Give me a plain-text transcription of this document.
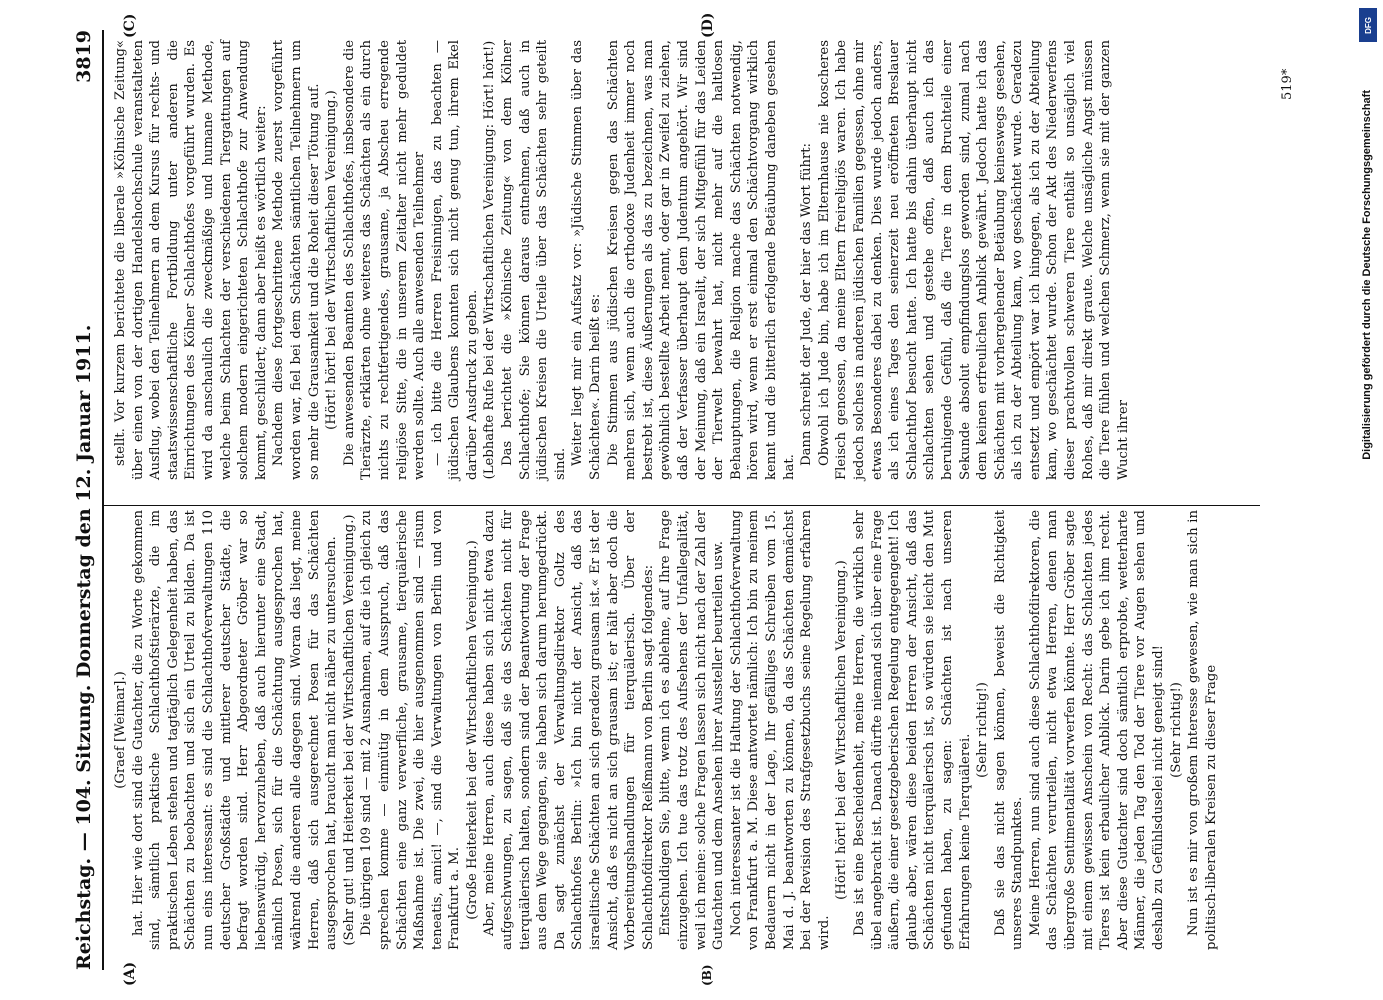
Reichstag. — 104. Sitzung. Donnerstag den 12. Januar 1911.
3819
(A)	(B)
(C)	(D)

(Graef [Weimar].) hat. Hier wie dort sind die Gutachter, die zu Worte gekommen sind, sämtlich praktische Schlachthofstierärzte, die im praktischen Leben stehen und tagtäglich Gelegenheit haben, das Schächten zu beobachten und sich ein Urteil zu bilden. Da ist nun eins interessant: es sind die Schlachthofverwaltungen 110 deutscher Großstädte und mittlerer deutscher Städte, die befragt worden sind. Herr Abgeordneter Gröber war so liebenswürdig, hervorzuheben, daß auch hierunter eine Stadt, nämlich Posen, sich für die Schächtung ausgesprochen hat, während die anderen alle dagegen sind. Woran das liegt, meine Herren, daß sich ausgerechnet Posen für das Schächten ausgesprochen hat, braucht man nicht näher zu untersuchen. (Sehr gut! und Heiterkeit bei der Wirtschaftlichen Vereinigung.) Die übrigen 109 sind — mit 2 Ausnahmen, auf die ich gleich zu sprechen komme — einmütig in dem Ausspruch, daß das Schächten eine ganz verwerfliche, grausame, tierquälerische Maßnahme ist. Die zwei, die hier ausgenommen sind — risum teneatis, amici! —, sind die Verwaltungen von Berlin und von Frankfurt a. M. (Große Heiterkeit bei der Wirtschaftlichen Vereinigung.) Aber, meine Herren, auch diese haben sich nicht etwa dazu aufgeschwungen, zu sagen, daß sie das Schächten nicht für tierquälerisch halten, sondern sind der Beantwortung der Frage aus dem Wege gegangen, sie haben sich darum herumgedrückt. Da sagt zunächst der Verwaltungsdirektor Goltz des Schlachthofes Berlin: »Ich bin nicht der Ansicht, daß das israelitische Schächten an sich geradezu grausam ist.« Er ist der Ansicht, daß es nicht an sich grausam ist; er hält aber doch die Vorbereitungshandlungen für tierquälerisch. Über der Schlachthofdirektor Reißmann von Berlin sagt folgendes: Entschuldigen Sie, bitte, wenn ich es ablehne, auf Ihre Frage einzugehen. Ich tue das trotz des Aufsehens der Unfallegalität, weil ich meine: solche Fragen lassen sich nicht nach der Zahl der Gutachten und dem Ansehen ihrer Aussteller beurteilen usw. Noch interessanter ist die Haltung der Schlachthofverwaltung von Frankfurt a. M. Diese antwortet nämlich: Ich bin zu meinem Bedauern nicht in der Lage, Ihr gefälliges Schreiben vom 15. Mai d. J. beantworten zu können, da das Schächten demnächst bei der Revision des Strafgesetzbuchs seine Regelung erfahren wird.

(Hört! hört! bei der Wirtschaftlichen Vereinigung.) Das ist eine Bescheidenheit, meine Herren, die wirklich sehr übel angebracht ist. Danach dürfte niemand sich über eine Frage äußern, die einer gesetzgeberischen Regelung entgegengeht! Ich glaube aber, wären diese beiden Herren der Ansicht, daß das Schächten nicht tierquälerisch ist, so würden sie leicht den Mut gefunden haben, zu sagen: Schächten ist nach unseren Erfahrungen keine Tierquälerei.

(Sehr richtig!) Daß sie das nicht sagen können, beweist die Richtigkeit unseres Standpunktes. Meine Herren, nun sind auch diese Schlachthofdirektoren, die das Schächten verurteilen, nicht etwa Herren, denen man übergroße Sentimentalität vorwerfen könnte. Herr Gröber sagte mit einem gewissen Anschein von Recht: das Schlachten jedes Tieres ist kein erbaulicher Anblick. Darin gebe ich ihm recht. Aber diese Gutachter sind doch sämtlich erprobte, wetterharte Männer, die jeden Tag den Tod der Tiere vor Augen sehen und deshalb zu Gefühlsduselei nicht geneigt sind! (Sehr richtig!) Nun ist es mir von großem Interesse gewesen, wie man sich in politisch-liberalen Kreisen zu dieser Frage

stellt. Vor kurzem berichtete die liberale »Kölnische Zeitung« über einen von der dortigen Handelshochschule veranstalteten Ausflug, wobei den Teilnehmern an dem Kursus für rechts- und staatswissenschaftliche Fortbildung unter anderen die Einrichtungen des Kölner Schlachthofes vorgeführt wurden. Es wird da anschaulich die zweckmäßige und humane Methode, welche beim Schlachten der verschiedenen Tiergattungen auf solchem modern eingerichteten Schlachthofe zur Anwendung kommt, geschildert; dann aber heißt es wörtlich weiter: Nachdem diese fortgeschrittene Methode zuerst vorgeführt worden war, fiel bei dem Schächten sämtlichen Teilnehmern um so mehr die Grausamkeit und die Roheit dieser Tötung auf. (Hört! hört! bei der Wirtschaftlichen Vereinigung.) Die anwesenden Beamten des Schlachthofes, insbesondere die Tierärzte, erklärten ohne weiteres das Schächten als ein durch nichts zu rechtfertigendes, grausame, ja Abscheu erregende religiöse Sitte, die in unserem Zeitalter nicht mehr geduldet werden sollte. Auch alle anwesenden Teilnehmer — ich bitte die Herren Freisinnigen, das zu beachten — jüdischen Glaubens konnten sich nicht genug tun, ihrem Ekel darüber Ausdruck zu geben. (Lebhafte Rufe bei der Wirtschaftlichen Vereinigung: Hört! hört!) Das berichtet die »Kölnische Zeitung« von dem Kölner Schlachthofe; Sie können daraus entnehmen, daß auch in jüdischen Kreisen die Urteile über das Schächten sehr geteilt sind. Weiter liegt mir ein Aufsatz vor: »Jüdische Stimmen über das Schächten«. Darin heißt es: Die Stimmen aus jüdischen Kreisen gegen das Schächten mehren sich, wenn auch die orthodoxe Judenheit immer noch bestrebt ist, diese Äußerungen als das zu bezeichnen, was man gewöhnlich bestellte Arbeit nennt, oder gar in Zweifel zu ziehen, daß der Verfasser überhaupt dem Judentum angehört. Wir sind der Meinung, daß ein Israelit, der sich Mitgefühl für das Leiden der Tierwelt bewahrt hat, nicht mehr auf die haltlosen Behauptungen, die Religion mache das Schächten notwendig, hören wird, wenn er erst einmal den Schächtvorgang wirklich kennt und die bitterlich erfolgende Betäubung daneben gesehen hat.

Dann schreibt der Jude, der hier das Wort führt: Obwohl ich Jude bin, habe ich im Elternhause nie koscheres Fleisch genossen, da meine Eltern freireligiös waren. Ich habe jedoch solches in anderen jüdischen Familien gegessen, ohne mir etwas Besonderes dabei zu denken. Dies wurde jedoch anders, als ich eines Tages den seinerzeit neu eröffneten Breslauer Schlachthof besucht hatte. Ich hatte bis dahin überhaupt nicht schlachten sehen und gestehe offen, daß auch ich das beruhigende Gefühl, daß die Tiere in dem Bruchteile einer Sekunde absolut empfindungslos geworden sind, zumal nach dem keinen erfreulichen Anblick gewährt. Jedoch hatte ich das Schächten mit vorhergehender Betäubung keineswegs gesehen, als ich zu der Abteilung kam, wo geschächtet wurde. Geradezu entsetzt und empört war ich hingegen, als ich zu der Abteilung kam, wo geschächtet wurde. Schon der Akt des Niederwerfens dieser prachtvollen schweren Tiere enthält so unsäglich viel Rohes, daß mir direkt graute. Welche unsägliche Angst müssen die Tiere fühlen und welchen Schmerz, wenn sie mit der ganzen Wucht ihrer

519*
DFG
Digitalisierung gefördert durch die Deutsche Forschungsgemeinschaft
